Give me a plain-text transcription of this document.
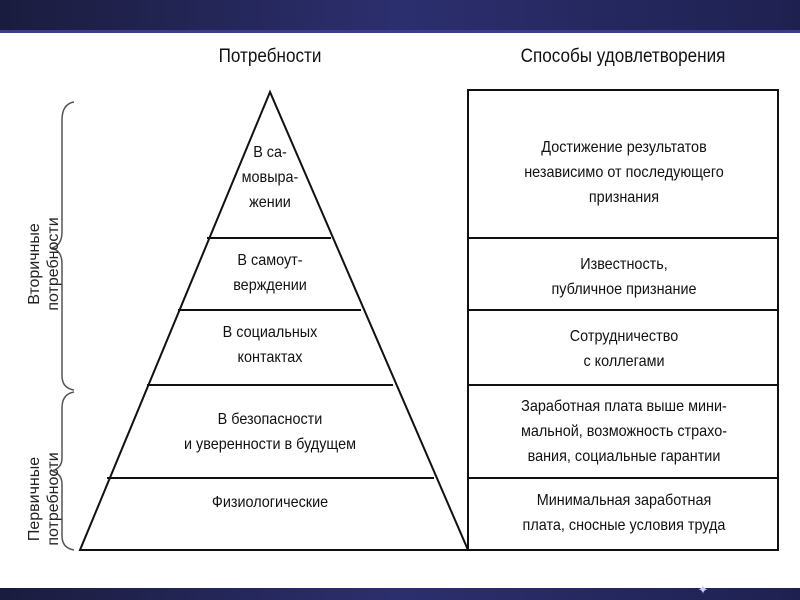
Потребности	Способы удовлетворения
В са-
мовыра-
жении
В самоут-
верждении
В социальных
контактах
В безопасности
и уверенности в будущем
Физиологические
Достижение результатов
независимо от последующего
признания
Известность,
публичное признание
Сотрудничество
с коллегами
Заработная плата выше мини-
мальной, возможность страхо-
вания, социальные гарантии
Минимальная заработная
плата, сносные условия труда
Вторичные
потребности
Первичные
потребности
✦
